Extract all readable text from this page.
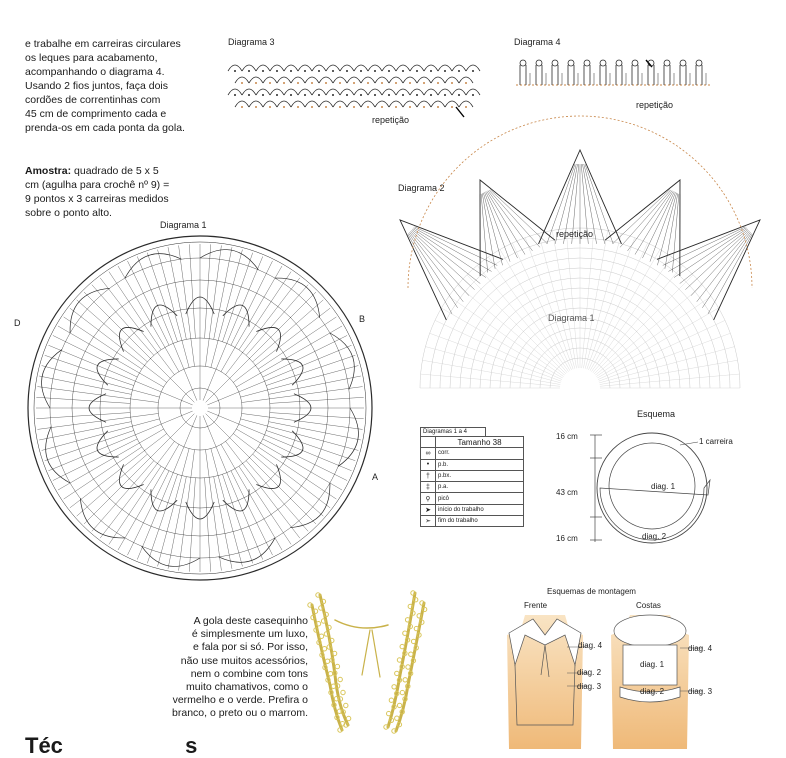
e trabalhe em carreiras circulares
os leques para acabamento,
acompanhando o diagrama 4.
Usando 2 fios juntos, faça dois
cordões de correntinhas com
45 cm de comprimento cada e
prenda-os em cada ponta da gola.

Amostra: quadrado de 5 x 5

cm (agulha para crochê nº 9) =
9 pontos x 3 carreiras medidos
sobre o ponto alto.

Diagrama 3
repetição
Diagrama 4
repetição
Diagrama 2
repetição
Diagrama 1
Diagrama 1
A
B
D
Diagramas 1 a 4
	Tamanho 38
∞	corr.
•	p.b.
†	p.bx.
‡	p.a.
ϙ	picô
➤	início do trabalho
➣	fim do trabalho
Esquema
16 cm
43 cm
16 cm
1 carreira
diag. 1
diag. 2
Esquemas de montagem
Frente	Costas
diag. 4
diag. 2
diag. 3
diag. 4
diag. 1
diag. 2	diag. 3
A gola deste casequinho
é simplesmente um luxo,
e fala por si só. Por isso,
não use muitos acessórios,
nem o combine com tons
muito chamativos, como o
vermelho e o verde. Prefira o
branco, o preto ou o marrom.
Téc                    s
